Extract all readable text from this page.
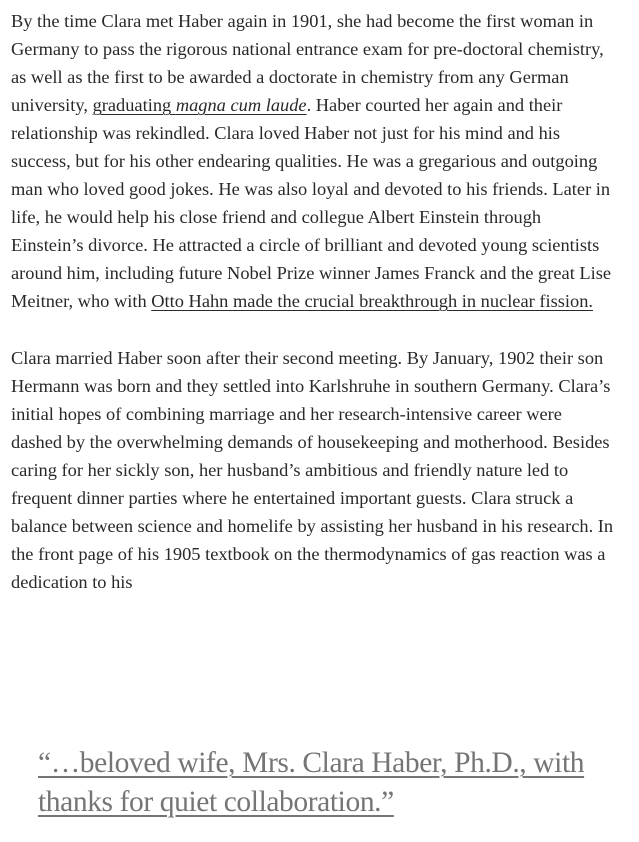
By the time Clara met Haber again in 1901, she had become the first woman in Germany to pass the rigorous national entrance exam for pre-doctoral chemistry, as well as the first to be awarded a doctorate in chemistry from any German university, graduating magna cum laude. Haber courted her again and their relationship was rekindled. Clara loved Haber not just for his mind and his success, but for his other endearing qualities. He was a gregarious and outgoing man who loved good jokes. He was also loyal and devoted to his friends. Later in life, he would help his close friend and collegue Albert Einstein through Einstein’s divorce. He attracted a circle of brilliant and devoted young scientists around him, including future Nobel Prize winner James Franck and the great Lise Meitner, who with Otto Hahn made the crucial breakthrough in nuclear fission.

Clara married Haber soon after their second meeting. By January, 1902 their son Hermann was born and they settled into Karlshruhe in southern Germany. Clara’s initial hopes of combining marriage and her research-intensive career were dashed by the overwhelming demands of housekeeping and motherhood. Besides caring for her sickly son, her husband’s ambitious and friendly nature led to frequent dinner parties where he entertained important guests. Clara struck a balance between science and homelife by assisting her husband in his research. In the front page of his 1905 textbook on the thermodynamics of gas reaction was a dedication to his

“…beloved wife, Mrs. Clara Haber, Ph.D., with thanks for quiet collaboration.”
